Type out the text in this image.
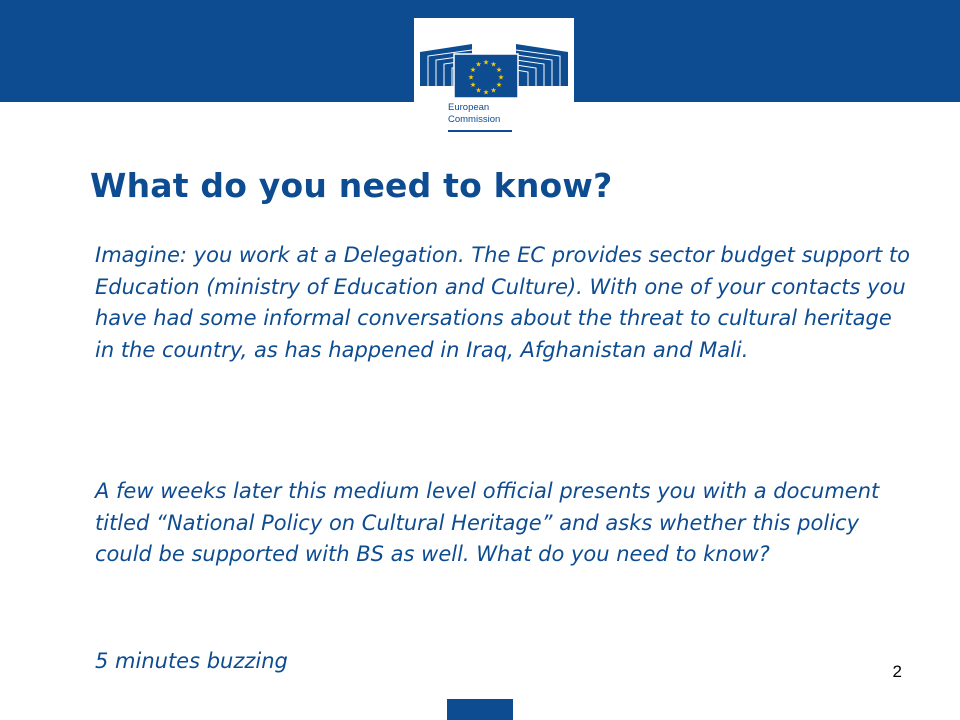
★ ★
★
★
★
★
★
★
★
★
★
★
European
Commission
What do you need to know?

Imagine: you work at a Delegation. The EC provides sector budget support to Education (ministry of Education and Culture). With one of your contacts you have had some informal conversations about the threat to cultural heritage in the country, as has happened in Iraq, Afghanistan and Mali.

A few weeks later this medium level official presents you with a document titled “National Policy on Cultural Heritage” and asks whether this policy could be supported with BS as well. What do you need to know?

5 minutes buzzing	2
